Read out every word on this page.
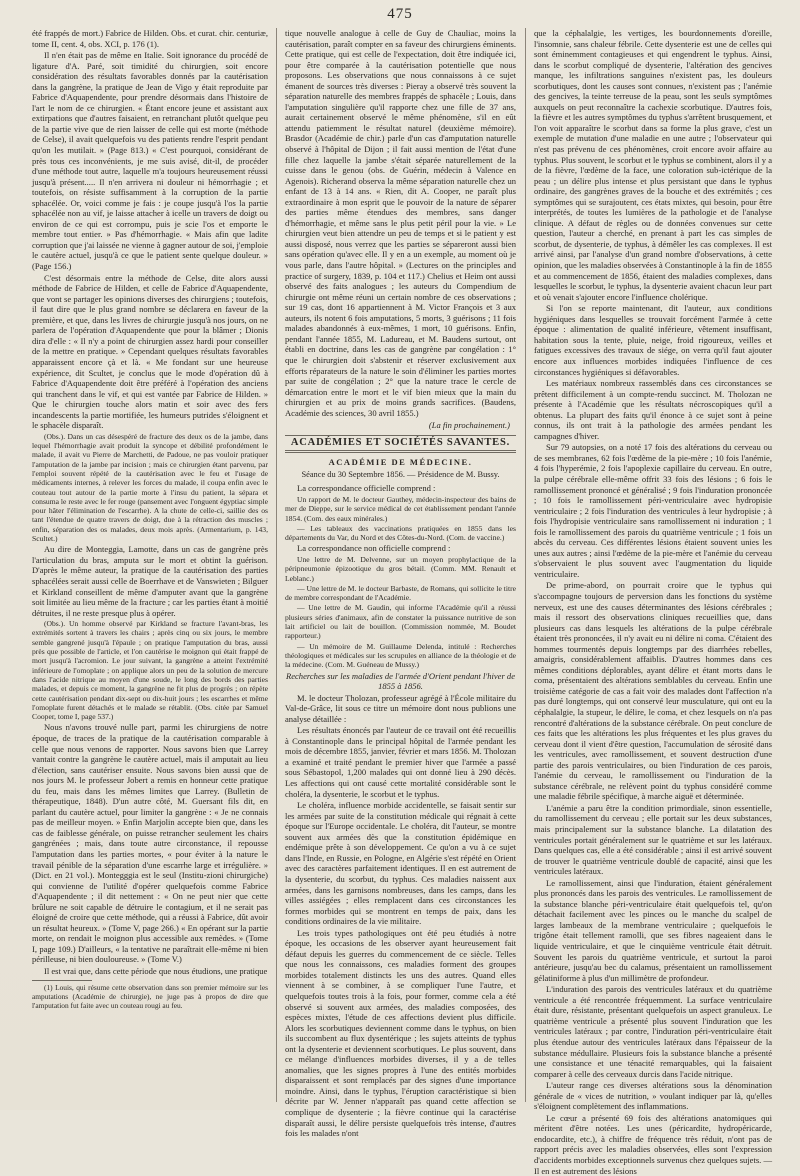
475

été frappés de mort.) Fabrice de Hilden. Obs. et curat. chir. centuriæ, tome II, cent. 4, obs. XCI, p. 176 (1).

Il n'en était pas de même en Italie. Soit ignorance du procédé de ligature d'A. Paré, soit timidité du chirurgien, soit encore considération des résultats favorables donnés par la cautérisation dans la gangrène, la pratique de Jean de Vigo y était reproduite par Fabrice d'Aquapendente, pour prendre désormais dans l'histoire de l'art le nom de ce chirurgien. « Étant encore jeune et assistant aux extirpations que d'autres faisaient, en retranchant plutôt quelque peu de la partie vive que de rien laisser de celle qui est morte (méthode de Celse), il avait quelquefois vu des patients rendre l'esprit pendant qu'on les mutilait. » (Page 813.) « C'est pourquoi, considérant de près tous ces inconvénients, je me suis avisé, dit-il, de procéder d'une méthode tout autre, laquelle m'a toujours heureusement réussi jusqu'à présent..... Il n'en arrivera ni douleur ni hémorrhagie ; et toutefois, on résiste suffisamment à la corruption de la partie sphacélée. Or, voici comme je fais : je coupe jusqu'à l'os la partie sphacélée non au vif, je laisse attacher à icelle un travers de doigt ou environ de ce qui est corrompu, puis je scie l'os et emporte le membre tout entier. » Pas d'hémorrhagie. « Mais afin que ladite corruption que j'ai laissée ne vienne à gagner autour de soi, j'emploie le cautère actuel, jusqu'à ce que le patient sente quelque douleur. » (Page 156.)

C'est désormais entre la méthode de Celse, dite alors aussi méthode de Fabrice de Hilden, et celle de Fabrice d'Aquapendente, que vont se partager les opinions diverses des chirurgiens ; toutefois, il faut dire que le plus grand nombre se déclarera en faveur de la première, et que, dans les livres de chirurgie jusqu'à nos jours, on ne parlera de l'opération d'Aquapendente que pour la blâmer ; Dionis dira d'elle : « Il n'y a point de chirurgien assez hardi pour conseiller de la mettre en pratique. » Cependant quelques résultats favorables apparaissent encore çà et là. « Me fondant sur une heureuse expérience, dit Scultet, je conclus que le mode d'opération dû à Fabrice d'Aquapendente doit être préféré à l'opération des anciens qui tranchent dans le vif, et qui est vantée par Fabrice de Hilden. » Que le chirurgien touche alors matin et soir avec des fers incandescents la partie mortifiée, les humeurs putrides s'éloignent et le sphacèle disparaît.

(Obs.). Dans un cas désespéré de fracture des deux os de la jambe, dans lequel l'hémorrhagie avait produit la syncope et débilité profondément le malade, il avait vu Pierre de Marchetti, de Padoue, ne pas vouloir pratiquer l'amputation de la jambe par incision ; mais ce chirurgien étant parvenu, par l'emploi souvent répété de la cautérisation avec le feu et l'usage de médicaments internes, à relever les forces du malade, il coupa enfin avec le couteau tout autour de la partie morte à l'insu du patient, la sépara et consuma le reste avec le fer rouge (pansement avec l'onguent égyptiac simple pour hâter l'élimination de l'escarrhe). A la chute de celle-ci, saillie des os tant l'étendue de quatre travers de doigt, due à la rétraction des muscles ; enfin, séparation des os malades, deux mois après. (Armentarium, p. 143, Scultet.)

Au dire de Monteggia, Lamotte, dans un cas de gangrène près l'articulation du bras, amputa sur le mort et obtint la guérison. D'après le même auteur, la pratique de la cautérisation des parties sphacélées serait aussi celle de Boerrhave et de Vanswieten ; Bilguer et Kirkland conseillent de même d'amputer avant que la gangrène soit limitée au lieu même de la fracture ; car les parties étant à moitié détruites, il ne reste presque plus à opérer.

(Obs.). Un homme observé par Kirkland se fracture l'avant-bras, les extrémités sortent à travers les chairs ; après cinq ou six jours, le membre semble gangrené jusqu'à l'épaule ; on pratique l'amputation du bras, aussi près que possible de l'article, et l'on cautérise le moignon qui était frappé de mort jusqu'à l'acromion. Le jour suivant, la gangrène a atteint l'extrémité inférieure de l'omoplate ; on applique alors un peu de la solution de mercure dans l'acide nitrique au moyen d'une soude, le long des bords des parties malades, et depuis ce moment, la gangrène ne fit plus de progrès ; on répète cette cautérisation pendant dix-sept ou dix-huit jours ; les escarrhes et même l'omoplate furent détachés et le malade se rétablit. (Obs. citée par Samuel Cooper, tome I, page 537.)

Nous n'avons trouvé nulle part, parmi les chirurgiens de notre époque, de traces de la pratique de la cautérisation comparable à celle que nous venons de rapporter. Nous savons bien que Larrey vantait contre la gangrène le cautère actuel, mais il amputait au lieu d'élection, sans cautériser ensuite. Nous savons bien aussi que de nos jours M. le professeur Jobert a remis en honneur cette pratique du feu, mais dans les mêmes limites que Larrey. (Bulletin de thérapeutique, 1848). D'un autre côté, M. Guersant fils dit, en parlant du cautère actuel, pour limiter la gangrène : « Je ne connais pas de meilleur moyen. » Enfin Marjolin accepte bien que, dans les cas de faiblesse générale, on puisse retrancher seulement les chairs gangrénées ; mais, dans toute autre circonstance, il repousse l'amputation dans les parties mortes, « pour éviter à la nature le travail pénible de la séparation d'une escarrhe large et irrégulière. » (Dict. en 21 vol.). Montegggia est le seul (Institu-zioni chirurgiche) qui convienne de l'utilité d'opérer quelquefois comme Fabrice d'Aquapendente ; il dit nettement : « On ne peut nier que cette brûlure ne soit capable de détruire le contagium, et il ne serait pas éloigné de croire que cette méthode, qui a réussi à Fabrice, dût avoir un résultat heureux. » (Tome V, page 266.) « En opérant sur la partie morte, on rendait le moignon plus accessible aux remèdes. » (Tome I, page 109.) D'ailleurs, « la tentative ne paraîtrait elle-même ni bien périlleuse, ni bien douloureuse. » (Tome V.)

Il est vrai que, dans cette période que nous étudions, une pratique

(1) Louis, qui résume cette observation dans son premier mémoire sur les amputations (Académie de chirurgie), ne juge pas à propos de dire que l'amputation fut faite avec un couteau rougi au feu.

tique nouvelle analogue à celle de Guy de Chauliac, moins la cautérisation, paraît compter en sa faveur des chirurgiens éminents. Cette pratique, qui est celle de l'expectation, doit être indiquée ici, pour être comparée à la cautérisation potentielle que nous proposons. Les observations que nous connaissons à ce sujet émanent de sources très diverses : Pieray a observé très souvent la séparation naturelle des membres frappés de sphacèle ; Louis, dans l'amputation singulière qu'il rapporte chez une fille de 37 ans, aurait certainement observé le même phénomène, s'il en eût attendu patiemment le résultat naturel (deuxième mémoire). Brasdor (Académie de chir.) parle d'un cas d'amputation naturelle observé à l'hôpital de Dijon ; il fait aussi mention de l'état d'une fille chez laquelle la jambe s'était séparée naturellement de la cuisse dans le genou (obs. de Guérin, médecin à Valence en Agenois). Richerand observa la même séparation naturelle chez un enfant de 13 à 14 ans. « Rien, dit A. Cooper, ne paraît plus extraordinaire à mon esprit que le pouvoir de la nature de séparer des parties même étendues des membres, sans danger d'hémorrhagie, et même sans le plus petit péril pour la vie. » Le chirurgien veut bien attendre un peu de temps et si le patient y est aussi disposé, nous verrez que les parties se sépareront aussi bien sans opération qu'avec elle. Il y en a un exemple, au moment où je vous parle, dans l'autre hôpital. » (Lectures on the principles and practice of surgery, 1839, p. 104 et 117.) Chelius et Heim ont aussi observé des faits analogues ; les auteurs du Compendium de chirurgie ont même réuni un certain nombre de ces observations ; sur 19 cas, dont 16 appartiennent à M. Victor François et 3 aux auteurs, ils notent 6 fois amputations, 5 morts, 3 guérisons ; 11 fois malades abandonnés à eux-mêmes, 1 mort, 10 guérisons. Enfin, pendant l'année 1855, M. Ladureau, et M. Baudens surtout, ont établi en doctrine, dans les cas de gangrène par congélation : 1° que le chirurgien doit s'abstenir et réserver exclusivement aux efforts réparateurs de la nature le soin d'éliminer les parties mortes par suite de congélation ; 2° que la nature trace le cercle de démarcation entre le mort et le vif bien mieux que la main du chirurgien et au prix de moins grands sacrifices. (Baudens, Académie des sciences, 30 avril 1855.)

(La fin prochainement.)

ACADÉMIES ET SOCIÉTÉS SAVANTES.
ACADÉMIE DE MÉDECINE.
Séance du 30 Septembre 1856. — Présidence de M. Bussy.

La correspondance officielle comprend :

Un rapport de M. le docteur Gauthey, médecin-inspecteur des bains de mer de Dieppe, sur le service médical de cet établissement pendant l'année 1854. (Com. des eaux minérales.)

— Les tableaux des vaccinations pratiquées en 1855 dans les départements du Var, du Nord et des Côtes-du-Nord. (Com. de vaccine.)

La correspondance non officielle comprend :

Une lettre de M. Delvenne, sur un moyen prophylactique de la péripneumonie épizootique du gros bétail. (Comm. MM. Renault et Leblanc.)

— Une lettre de M. le docteur Barbaste, de Romans, qui sollicite le titre de membre correspondant de l'Académie.

— Une lettre de M. Gaudin, qui informe l'Académie qu'il a réussi plusieurs séries d'animaux, afin de constater la puissance nutritive de son lait artificiel ou lait de bouillon. (Commission nommée, M. Boudet rapporteur.)

— Un mémoire de M. Guillaume Delenda, intitulé : Recherches théologiques et médicales sur les scrupules en alliance de la théologie et de la médecine. (Com. M. Guéneau de Mussy.)

Recherches sur les maladies de l'armée d'Orient pendant l'hiver de 1855 à 1856.

M. le docteur Tholozan, professeur agrégé à l'École militaire du Val-de-Grâce, lit sous ce titre un mémoire dont nous publions une analyse détaillée :

Les résultats énoncés par l'auteur de ce travail ont été recueillis à Constantinople dans le principal hôpital de l'armée pendant les mois de décembre 1855, janvier, février et mars 1856. M. Tholozan a examiné et traité pendant le premier hiver que l'armée a passé sous Sébastopol, 1,200 malades qui ont donné lieu à 290 décès. Les affections qui ont causé cette mortalité considérable sont le choléra, la dysenterie, le scorbut et le typhus.

Le choléra, influence morbide accidentelle, se faisait sentir sur les armées par suite de la constitution médicale qui régnait à cette époque sur l'Europe occidentale. Le choléra, dit l'auteur, se montre souvent aux armées dès que la constitution épidémique en endémique prête à son développement. Ce qu'on a vu à ce sujet dans l'Inde, en Russie, en Pologne, en Algérie s'est répété en Orient avec des caractères parfaitement identiques. Il en est autrement de la dysenterie, du scorbut, du typhus. Ces maladies naissent aux armées, dans les garnisons nombreuses, dans les camps, dans les villes assiégées ; elles remplacent dans ces circonstances les formes morbides qui se montrent en temps de paix, dans les conditions ordinaires de la vie militaire.

Les trois types pathologiques ont été peu étudiés à notre époque, les occasions de les observer ayant heureusement fait défaut depuis les guerres du commencement de ce siècle. Telles que nous les connaissons, ces maladies forment des groupes morbides totalement distincts les uns des autres. Quand elles viennent à se combiner, à se compliquer l'une l'autre, et quelquefois toutes trois à la fois, pour former, comme cela a été observé si souvent aux armées, des maladies composées, des espèces mixtes, l'étude de ces affections devient plus difficile. Alors les scorbutiques deviennent comme dans le typhus, on bien ils succombent au flux dysentérique ; les sujets atteints de typhus ont la dysenterie et deviennent scorbutiques. Le plus souvent, dans ce mélange d'influences morbides diverses, il y a de telles anomalies, que les signes propres à l'une des entités morbides disparaissent et sont remplacés par des signes d'une importance moindre. Ainsi, dans le typhus, l'éruption caractéristique si bien décrite par W. Jenner n'apparaît pas quand cette affection se complique de dysenterie ; la fièvre continue qui la caractérise disparaît aussi, le délire persiste quelquefois très intense, d'autres fois les malades n'ont

que la céphalalgie, les vertiges, les bourdonnements d'oreille, l'insomnie, sans chaleur fébrile. Cette dysenterie est une de celles qui sont éminemment contagieuses et qui engendrent le typhus. Ainsi, dans le scorbut compliqué de dysenterie, l'altération des gencives manque, les infiltrations sanguines n'existent pas, les douleurs scorbutiques, dont les causes sont connues, n'existent pas ; l'anémie des gencives, la teinte terreuse de la peau, sont les seuls symptômes auxquels on peut reconnaître la cachexie scorbutique. D'autres fois, la fièvre et les autres symptômes du typhus s'arrêtent brusquement, et l'on voit apparaître le scorbut dans sa forme la plus grave, c'est un exemple de mutation d'une maladie en une autre ; l'observateur qui n'est pas prévenu de ces phénomènes, croit encore avoir affaire au typhus. Plus souvent, le scorbut et le typhus se combinent, alors il y a de la fièvre, l'œdème de la face, une coloration sub-ictérique de la peau ; un délire plus intense et plus persistant que dans le typhus ordinaire, des gangrènes graves de la bouche et des extrémités ; ces symptômes qui se surajoutent, ces états mixtes, qui besoin, pour être interprétés, de toutes les lumières de la pathologie et de l'analyse clinique. A défaut de règles ou de données convenues sur cette question, l'auteur a cherché, en prenant à part les cas simples de scorbut, de dysenterie, de typhus, à démêler les cas complexes. Il est arrivé ainsi, par l'analyse d'un grand nombre d'observations, à cette opinion, que les maladies observées à Constantinople à la fin de 1855 et au commencement de 1856, étaient des maladies complexes, dans lesquelles le scorbut, le typhus, la dysenterie avaient chacun leur part et où venait s'ajouter encore l'influence cholérique.

Si l'on se reporte maintenant, dit l'auteur, aux conditions hygiéniques dans lesquelles se trouvait forcément l'armée à cette époque : alimentation de qualité inférieure, vêtement insuffisant, habitation sous la tente, pluie, neige, froid rigoureux, veilles et fatigues excessives des travaux de siége, on verra qu'il faut ajouter encore aux influences morbides indiquées l'influence de ces circonstances hygiéniques si défavorables.

Les matériaux nombreux rassemblés dans ces circonstances se prêtent difficilement à un compte-rendu succinct. M. Tholozan ne présente à l'Académie que les résultats nécroscopiques qu'il a obtenus. La plupart des faits qu'il énonce à ce sujet sont à peine connus, ils ont trait à la pathologie des armées pendant les campagnes d'hiver.

Sur 79 autopsies, on a noté 17 fois des altérations du cerveau ou de ses membranes, 62 fois l'œdème de la pie-mère ; 10 fois l'anémie, 4 fois l'hyperémie, 2 fois l'apoplexie capillaire du cerveau. En outre, la pulpe cérébrale elle-même offrit 33 fois des lésions ; 6 fois le ramollissement prononcé et généralisé ; 9 fois l'induration prononcée ; 10 fois le ramollissement péri-ventriculaire avec hydropisie ventriculaire ; 2 fois l'induration des ventricules à leur hydropisie ; à fois l'hydropisie ventriculaire sans ramollissement ni induration ; 1 fois le ramollissement des parois du quatrième ventricule ; 1 fois un abcès du cerveau. Ces différentes lésions étaient souvent unies les unes aux autres ; ainsi l'œdème de la pie-mère et l'anémie du cerveau s'observaient le plus souvent avec l'augmentation du liquide ventriculaire.

De prime-abord, on pourrait croire que le typhus qui s'accompagne toujours de perversion dans les fonctions du système nerveux, est une des causes déterminantes des lésions cérébrales ; mais il ressort des observations cliniques recueillies que, dans plusieurs cas dans lesquels les altérations de la pulpe cérébrale étaient très prononcées, il n'y avait eu ni délire ni coma. C'étaient des hommes tourmentés depuis longtemps par des diarrhées rebelles, amaigris, considérablement affaiblis. D'autres hommes dans ces mêmes conditions déplorables, ayant délire et étant morts dans le coma, présentaient des altérations semblables du cerveau. Enfin une troisième catégorie de cas a fait voir des malades dont l'affection n'a pas duré longtemps, qui ont conservé leur musculature, qui ont eu la céphalalgie, la stupeur, le délire, le coma, et chez lesquels on n'a pas rencontré d'altérations de la substance cérébrale. On peut conclure de ces faits que les altérations les plus fréquentes et les plus graves du cerveau dont il vient d'être question, l'accumulation de sérosité dans les ventricules, avec ramollissement, et souvent destruction d'une partie des parois ventriculaires, ou bien l'induration de ces parois, l'anémie du cerveau, le ramollissement ou l'induration de la substance cérébrale, ne relèvent point du typhus considéré comme une maladie fébrile spécifique, à marche aiguë et déterminée.

L'anémie a paru être la condition primordiale, sinon essentielle, du ramollissement du cerveau ; elle portait sur les deux substances, mais principalement sur la substance blanche. La dilatation des ventricules portait généralement sur le quatrième et sur les latéraux. Dans quelques cas, elle a été considérable ; ainsi il est arrivé souvent de trouver le quatrième ventricule doublé de capacité, ainsi que les ventricules latéraux.

Le ramollissement, ainsi que l'induration, étaient généralement plus prononcés dans les parois des ventricules. Le ramollissement de la substance blanche péri-ventriculaire était quelquefois tel, qu'on détachait facilement avec les pinces ou le manche du scalpel de larges lambeaux de la membrane ventriculaire ; quelquefois le trigône était tellement ramolli, que ses fibres nageaient dans le liquide ventriculaire, et que le cinquième ventricule était détruit. Souvent les parois du quatrième ventricule, et surtout la paroi antérieure, jusqu'au bec du calamus, présentaient un ramollissement gélatiniforme à plus d'un millimètre de profondeur.

L'induration des parois des ventricules latéraux et du quatrième ventricule a été rencontrée fréquemment. La surface ventriculaire était dure, résistante, présentant quelquefois un aspect granuleux. Le quatrième ventricule a présenté plus souvent l'induration que les ventricules latéraux ; par contre, l'induration péri-ventriculaire était plus étendue autour des ventricules latéraux dans l'épaisseur de la substance médullaire. Plusieurs fois la substance blanche a présenté une consistance et une ténacité remarquables, qui la faisaient comparer à celle des cerveaux durcis dans l'acide nitrique.

L'auteur range ces diverses altérations sous la dénomination générale de « vices de nutrition, » voulant indiquer par là, qu'elles s'éloignent complètement des inflammations.

Le cœur a présenté 69 fois des altérations anatomiques qui méritent d'être notées. Les unes (péricardite, hydropéricarde, endocardite, etc.), à chiffre de fréquence très réduit, n'ont pas de rapport précis avec les maladies observées, elles sont l'expression d'accidents morbides exceptionnels survenus chez quelques sujets. — Il en est autrement des lésions
